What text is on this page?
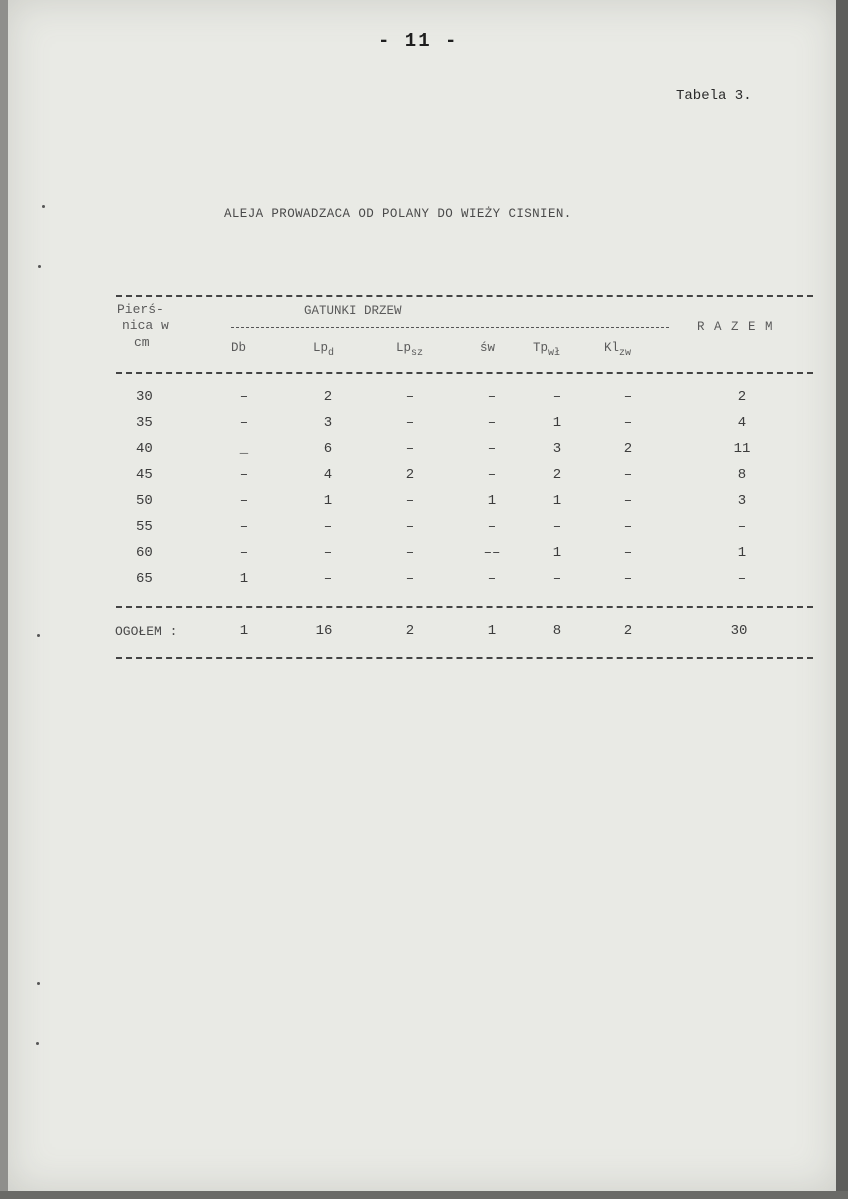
- 11 -
Tabela 3.
ALEJA PROWADZACA OD POLANY DO WIEŻY CISNIEN.
Pierś-
nica w
cm
GATUNKI DRZEW
R A Z E M
Db	$Lp_d$	$Lp_{sz}$	św	$Tp_{wł}$	$Kl_{zw}$
30	–	2	–	–	–	–	2
35	–	3	–	–	1	–	4
40	_	6	–	–	3	2	11
45	–	4	2	–	2	–	8
50	–	1	–	1	1	–	3
55	–	–	–	–	–	–	–
60	–	–	–	––	1	–	1
65	1	–	–	–	–	–	–
OGOŁEM :	1	16	2	1	8	2	30
